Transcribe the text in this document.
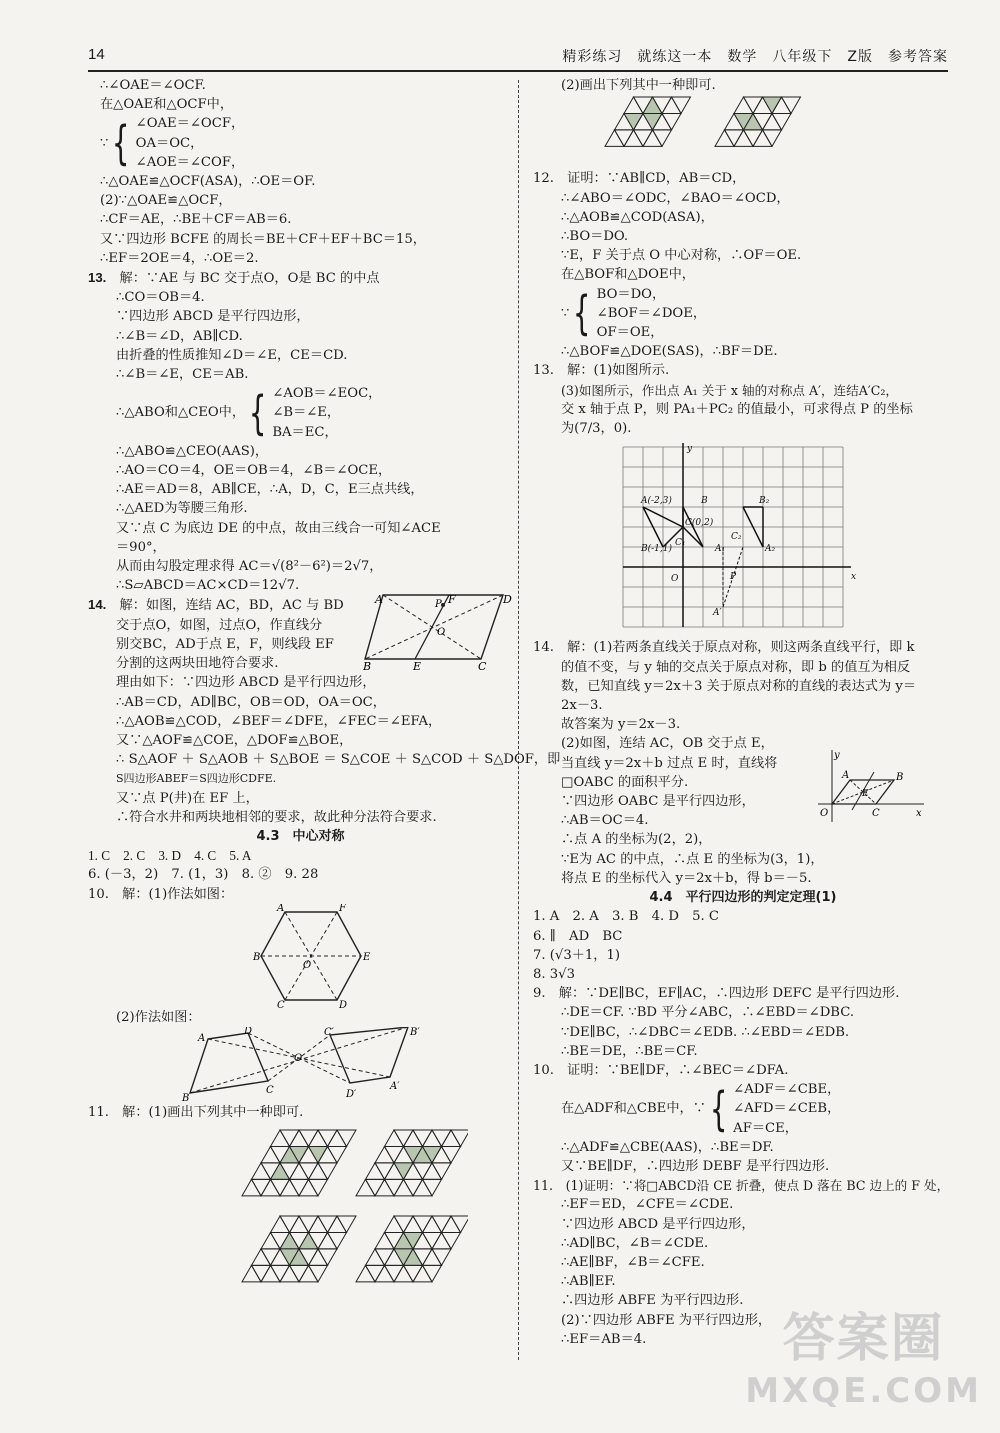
14	精彩练习　就练这一本　数学　八年级下　Z版　参考答案

∴∠OAE＝∠OCF.

在△OAE和△OCF中，

∵ { ∠OAE＝∠OCF，
OA＝OC，
∠AOE＝∠COF，

∴△OAE≌△OCF(ASA)，∴OE＝OF.

(2)∵△OAE≌△OCF，

∴CF＝AE，∴BE＋CF＝AB＝6.

又∵四边形 BCFE 的周长＝BE＋CF＋EF＋BC＝15，

∴EF＝2OE＝4，∴OE＝2.

13.　 解：∵AE 与 BC 交于点O，O是 BC 的中点

∴CO＝OB＝4.

∵四边形 ABCD 是平行四边形，

∴∠B＝∠D，AB∥CD.

由折叠的性质推知∠D＝∠E，CE＝CD.

∴∠B＝∠E，CE＝AB.

∴△ABO和△CEO中， { ∠AOB＝∠EOC，
∠B＝∠E，
BA＝EC，

∴△ABO≌△CEO(AAS)，

∴AO＝CO＝4，OE＝OB＝4，∠B＝∠OCE，

∴AE＝AD＝8，AB∥CE，∴A，D，C，E三点共线，

∴△AED为等腰三角形.

又∵点 C 为底边 DE 的中点，故由三线合一可知∠ACE

＝90°，

从而由勾股定理求得 AC＝√(8²－6²)＝2√7，

∴S▱ABCD＝AC×CD＝12√7.

14.　 解：如图，连结 AC，BD，AC 与 BD

交于点O，如图，过点O，作直线分

别交BC，AD于点 E，F，则线段 EF

分割的这两块田地符合要求.

A	F	D
P
O
B	E	C

理由如下：∵四边形 ABCD 是平行四边形，

∴AB＝CD，AD∥BC，OB＝OD，OA＝OC，

∴△AOB≌△COD，∠BEF＝∠DFE，∠FEC＝∠EFA，

又∵△AOF≌△COE，△DOF≌△BOE，

∴ S△AOF ＋ S△AOB ＋ S△BOE ＝ S△COE ＋ S△COD ＋ S△DOF，即

S四边形ABEF＝S四边形CDFE.

又∵点 P(井)在 EF 上，

∴符合水井和两块地相邻的要求，故此种分法符合要求.

4.3　中心对称

1. C　2. C　3. D　4. C　5. A

6. (－3，2)　7. (1，3)　8. ②　9. 28

10.　解：(1)作法如图：

A	F
B	E
O
C	D

(2)作法如图：

A
D
B
C
O
C′	B′
A′
D′

11.　解：(1)画出下列其中一种即可.

(2)画出下列其中一种即可.

12.　证明：∵AB∥CD，AB＝CD，

∴∠ABO＝∠ODC，∠BAO＝∠OCD，

∴△AOB≌△COD(ASA)，

∴BO＝DO.

∵E，F 关于点 O 中心对称，∴OF＝OE.

在△BOF和△DOE中，

∵ { BO＝DO，
∠BOF＝∠DOE，
OF＝OE，

∴△BOF≌△DOE(SAS)，∴BF＝DE.

13.　解：(1)如图所示.

(3)如图所示，作出点 A₁ 关于 x 轴的对称点 A′，连结A′C₂，

交 x 轴于点 P，则 PA₁＋PC₂ 的值最小，可求得点 P 的坐标

为(7/3，0).

A(-2,3)	B
C(0,2)
C₁
B(-1,1)	A₁
C₂
B₂
A₂
P
A′
O	x
y

14.　解：(1)若两条直线关于原点对称，则这两条直线平行，即 k

的值不变，与 y 轴的交点关于原点对称，即 b 的值互为相反

数，已知直线 y＝2x＋3 关于原点对称的直线的表达式为 y＝

2x－3.

故答案为 y＝2x－3.

(2)如图，连结 AC，OB 交于点 E，

当直线 y＝2x＋b 过点 E 时，直线将

□OABC 的面积平分.

∵四边形 OABC 是平行四边形，

∴AB＝OC＝4.

∴点 A 的坐标为(2，2)，

∵E为 AC 的中点，∴点 E 的坐标为(3，1)，

将点 E 的坐标代入 y＝2x＋b，得 b＝－5.

A	B
E
O	C	x
y

4.4　平行四边形的判定定理(1)

1. A　2. A　3. B　4. D　5. C

6. ∥　AD　BC

7. (√3＋1，1)

8. 3√3

9.　解：∵DE∥BC，EF∥AC，∴四边形 DEFC 是平行四边形.

∴DE＝CF. ∵BD 平分∠ABC，∴∠EBD＝∠DBC.

∵DE∥BC，∴∠DBC＝∠EDB. ∴∠EBD＝∠EDB.

∴BE＝DE，∴BE＝CF.

10.　证明：∵BE∥DF，∴∠BEC＝∠DFA.

在△ADF和△CBE中，∵ { ∠ADF＝∠CBE，
∠AFD＝∠CEB，
AF＝CE，

∴△ADF≌△CBE(AAS)，∴BE＝DF.

又∵BE∥DF，∴四边形 DEBF 是平行四边形.

11.　(1)证明：∵将□ABCD沿 CE 折叠，使点 D 落在 BC 边上的 F 处，

∴EF＝ED，∠CFE＝∠CDE.

∵四边形 ABCD 是平行四边形，

∴AD∥BC，∠B＝∠CDE.

∴AE∥BF，∠B＝∠CFE.

∴AB∥EF.

∴四边形 ABFE 为平行四边形.

(2)∵四边形 ABFE 为平行四边形，

∴EF＝AB＝4.	答案圈
MXQE.COM
